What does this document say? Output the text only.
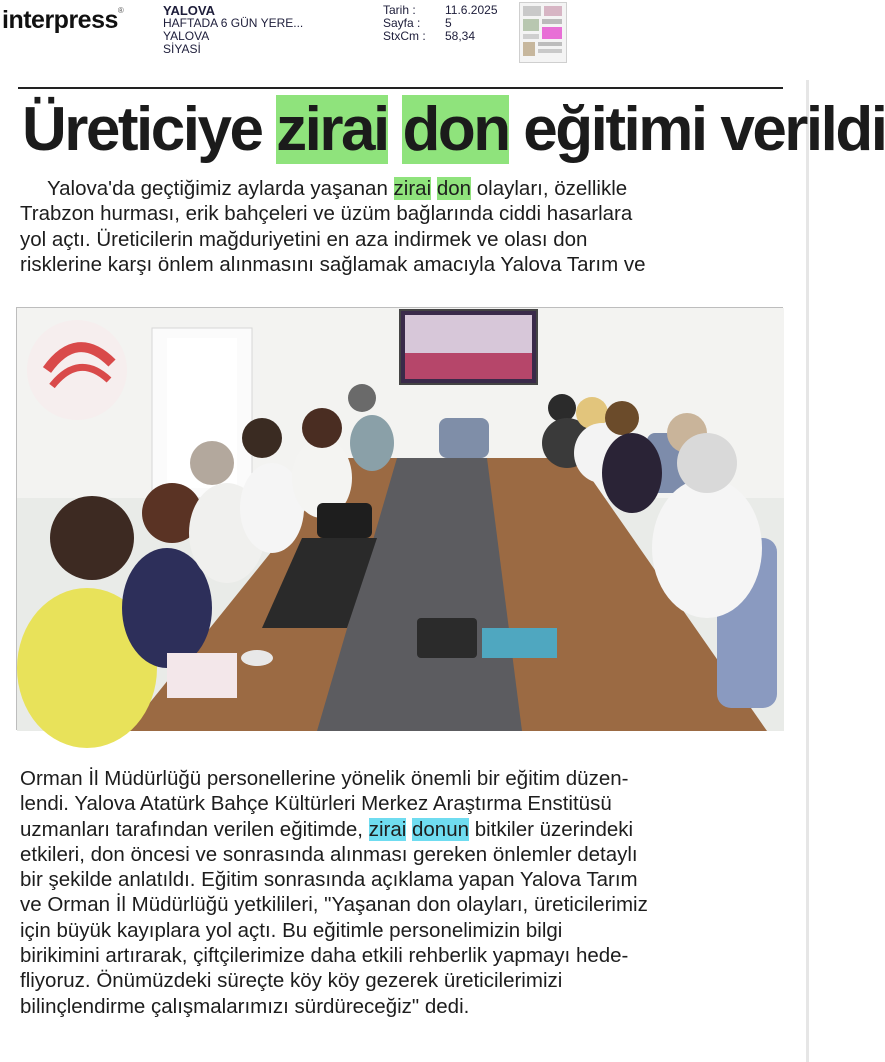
interpress®	YALOVA
HAFTADA 6 GÜN YERE...
YALOVA
SİYASİ
Tarih :	11.6.2025
Sayfa :	5
StxCm :	58,34
Üreticiye zirai don eğitimi verildi

Yalova'da geçtiğimiz aylarda yaşanan zirai don olayları, özellikle
Trabzon hurması, erik bahçeleri ve üzüm bağlarında ciddi hasarlara
yol açtı. Üreticilerin mağduriyetini en aza indirmek ve olası don
risklerine karşı önlem alınmasını sağlamak amacıyla Yalova Tarım ve

Orman İl Müdürlüğü personellerine yönelik önemli bir eğitim düzen-
lendi. Yalova Atatürk Bahçe Kültürleri Merkez Araştırma Enstitüsü
uzmanları tarafından verilen eğitimde, zirai donun bitkiler üzerindeki
etkileri, don öncesi ve sonrasında alınması gereken önlemler detaylı
bir şekilde anlatıldı. Eğitim sonrasında açıklama yapan Yalova Tarım
ve Orman İl Müdürlüğü yetkilileri, "Yaşanan don olayları, üreticilerimiz
için büyük kayıplara yol açtı. Bu eğitimle personelimizin bilgi
birikimini artırarak, çiftçilerimize daha etkili rehberlik yapmayı hede-
fliyoruz. Önümüzdeki süreçte köy köy gezerek üreticilerimizi
bilinçlendirme çalışmalarımızı sürdüreceğiz" dedi.
